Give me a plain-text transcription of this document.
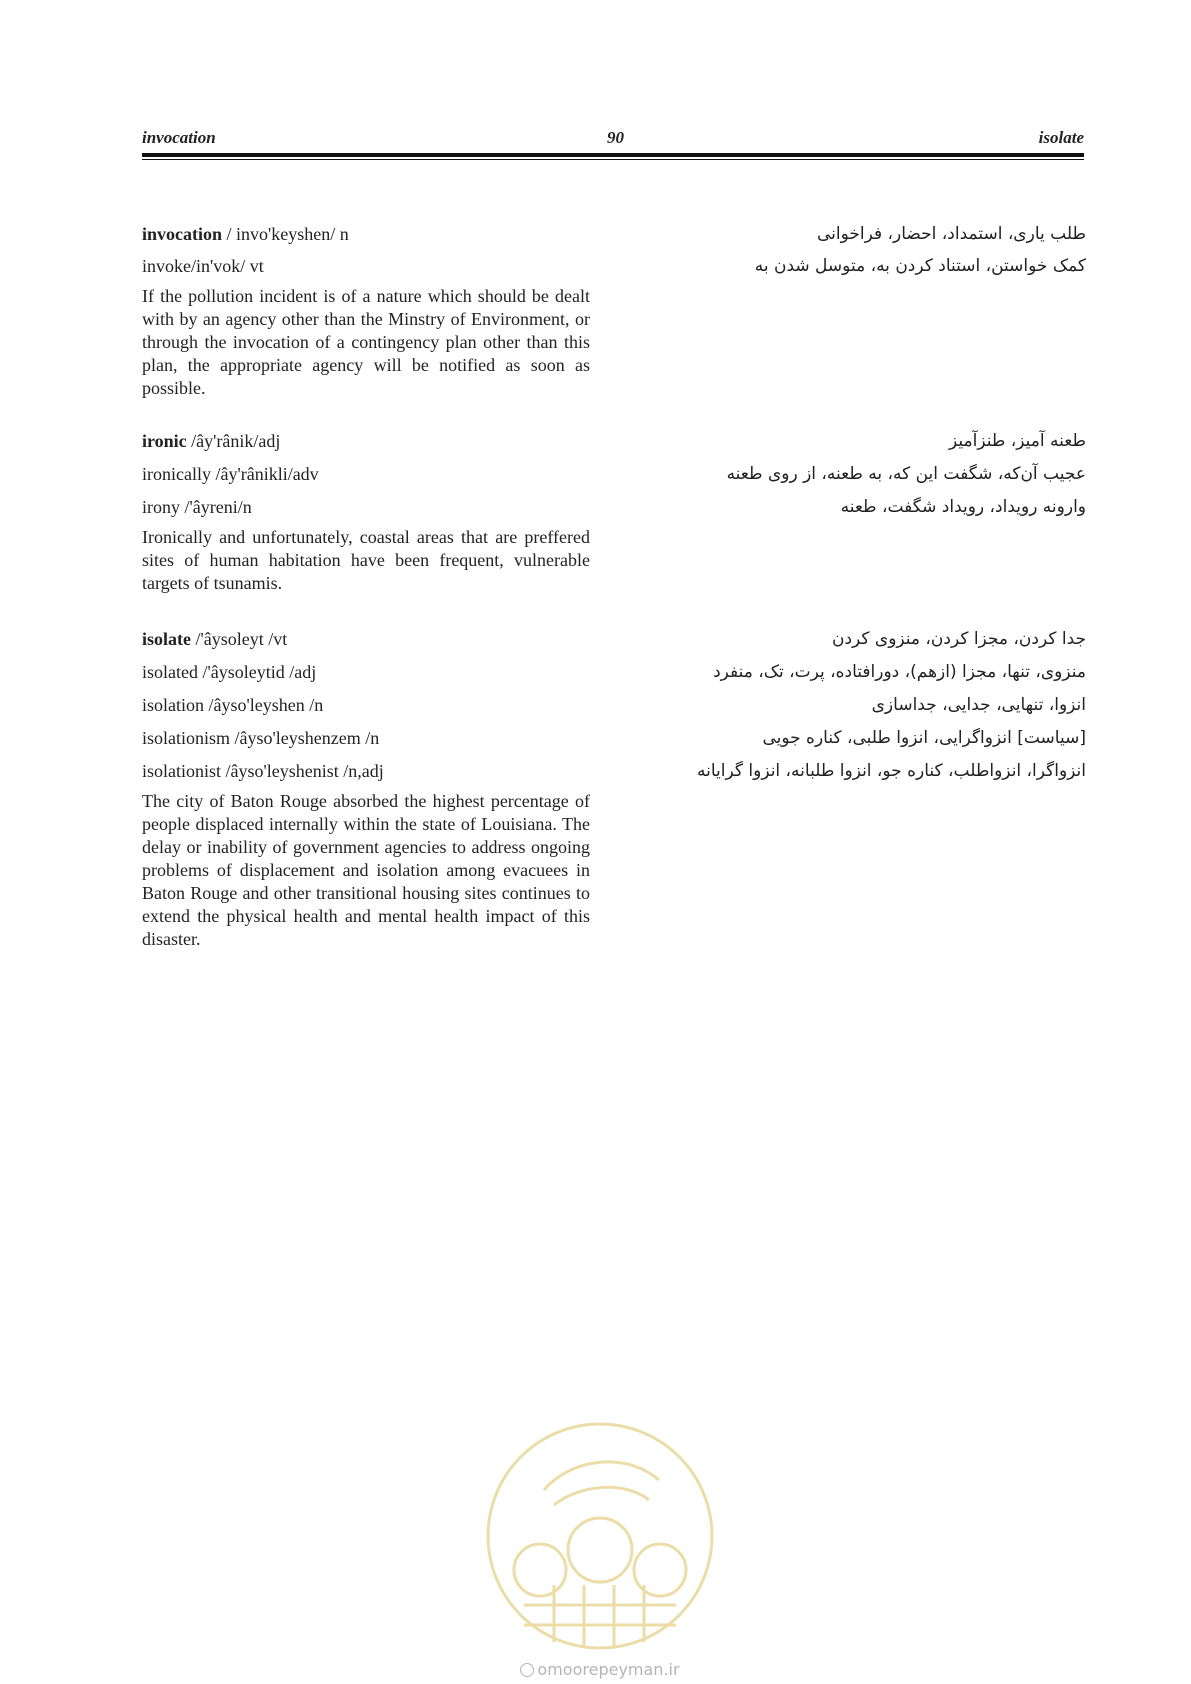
invocation	90	isolate
invocation / invo'keyshen/ n	طلب یاری، استمداد، احضار، فراخوانی
invoke/in'vok/ vt	کمک خواستن، استناد کردن به، متوسل شدن به
If the pollution incident is of a nature which should be dealt with by an agency other than the Minstry of Environment, or through the invocation of a contingency plan other than this plan, the appropriate agency will be notified as soon as possible.
ironic /ây'rânik/adj	طعنه آمیز، طنزآمیز
ironically /ây'rânikli/adv	عجیب آن‌که، شگفت این که، به طعنه، از روی طعنه
irony /'âyreni/n	وارونه رویداد، رویداد شگفت، طعنه
Ironically and unfortunately, coastal areas that are preffered sites of human habitation have been frequent, vulnerable targets of tsunamis.
isolate /'âysoleyt /vt	جدا کردن، مجزا کردن، منزوی کردن
isolated /'âysoleytid /adj	منزوی، تنها، مجزا (ازهم)، دورافتاده، پرت، تک، منفرد
isolation /âyso'leyshen /n	انزوا، تنهایی، جدایی، جداسازی
isolationism /âyso'leyshenzem /n	[سیاست] انزواگرایی، انزوا طلبی، کناره جویی
isolationist /âyso'leyshenist /n,adj	انزواگرا، انزواطلب، کناره جو، انزوا طلبانه، انزوا گرایانه
The city of Baton Rouge absorbed the highest percentage of people displaced internally within the state of Louisiana. The delay or inability of government agencies to address ongoing problems of displacement and isolation among evacuees in Baton Rouge and other transitional housing sites continues to extend the physical health and mental health impact of this disaster.
omoorepeyman.ir
